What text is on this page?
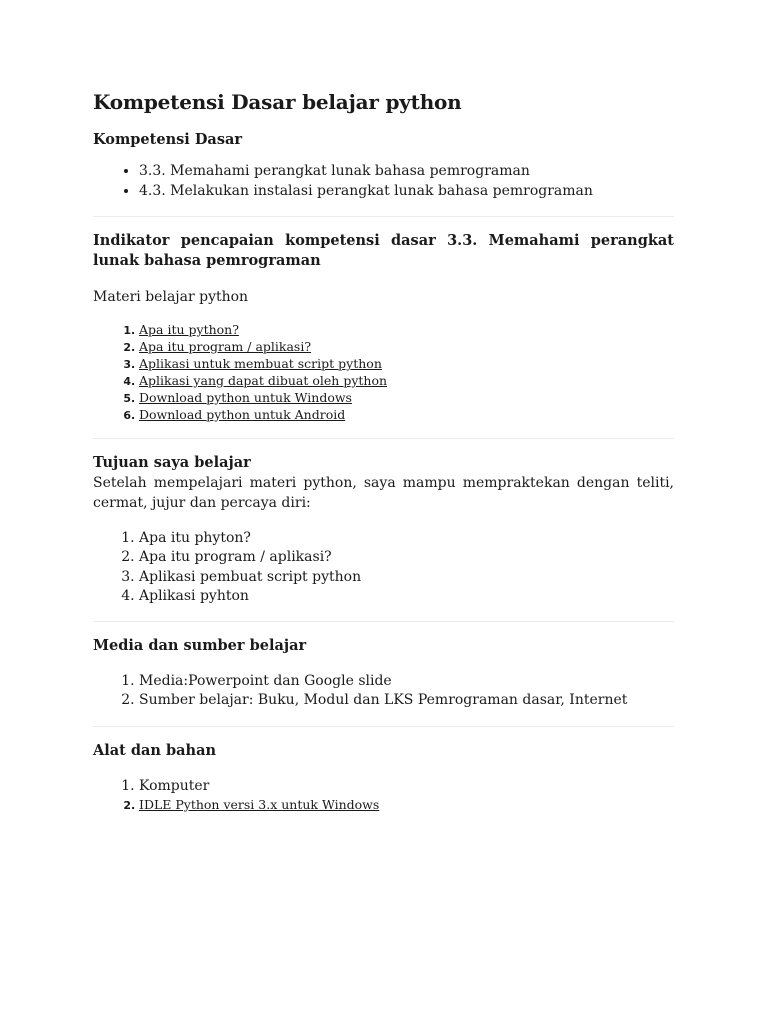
Kompetensi Dasar belajar python
Kompetensi Dasar
• 3.3. Memahami perangkat lunak bahasa pemrograman
• 4.3. Melakukan instalasi perangkat lunak bahasa pemrograman
Indikator pencapaian kompetensi dasar 3.3. Memahami perangkat lunak bahasa pemrograman

Materi belajar python

1. Apa itu python?
2. Apa itu program / aplikasi?
3. Aplikasi untuk membuat script python
4. Aplikasi yang dapat dibuat oleh python
5. Download python untuk Windows
6. Download python untuk Android
Tujuan saya belajar

Setelah mempelajari materi python, saya mampu mempraktekan dengan teliti, cermat, jujur dan percaya diri:

1. Apa itu phyton?
2. Apa itu program / aplikasi?
3. Aplikasi pembuat script python
4. Aplikasi pyhton
Media dan sumber belajar
1. Media:Powerpoint dan Google slide
2. Sumber belajar: Buku, Modul dan LKS Pemrograman dasar, Internet
Alat dan bahan
1. Komputer
2. IDLE Python versi 3.x untuk Windows
